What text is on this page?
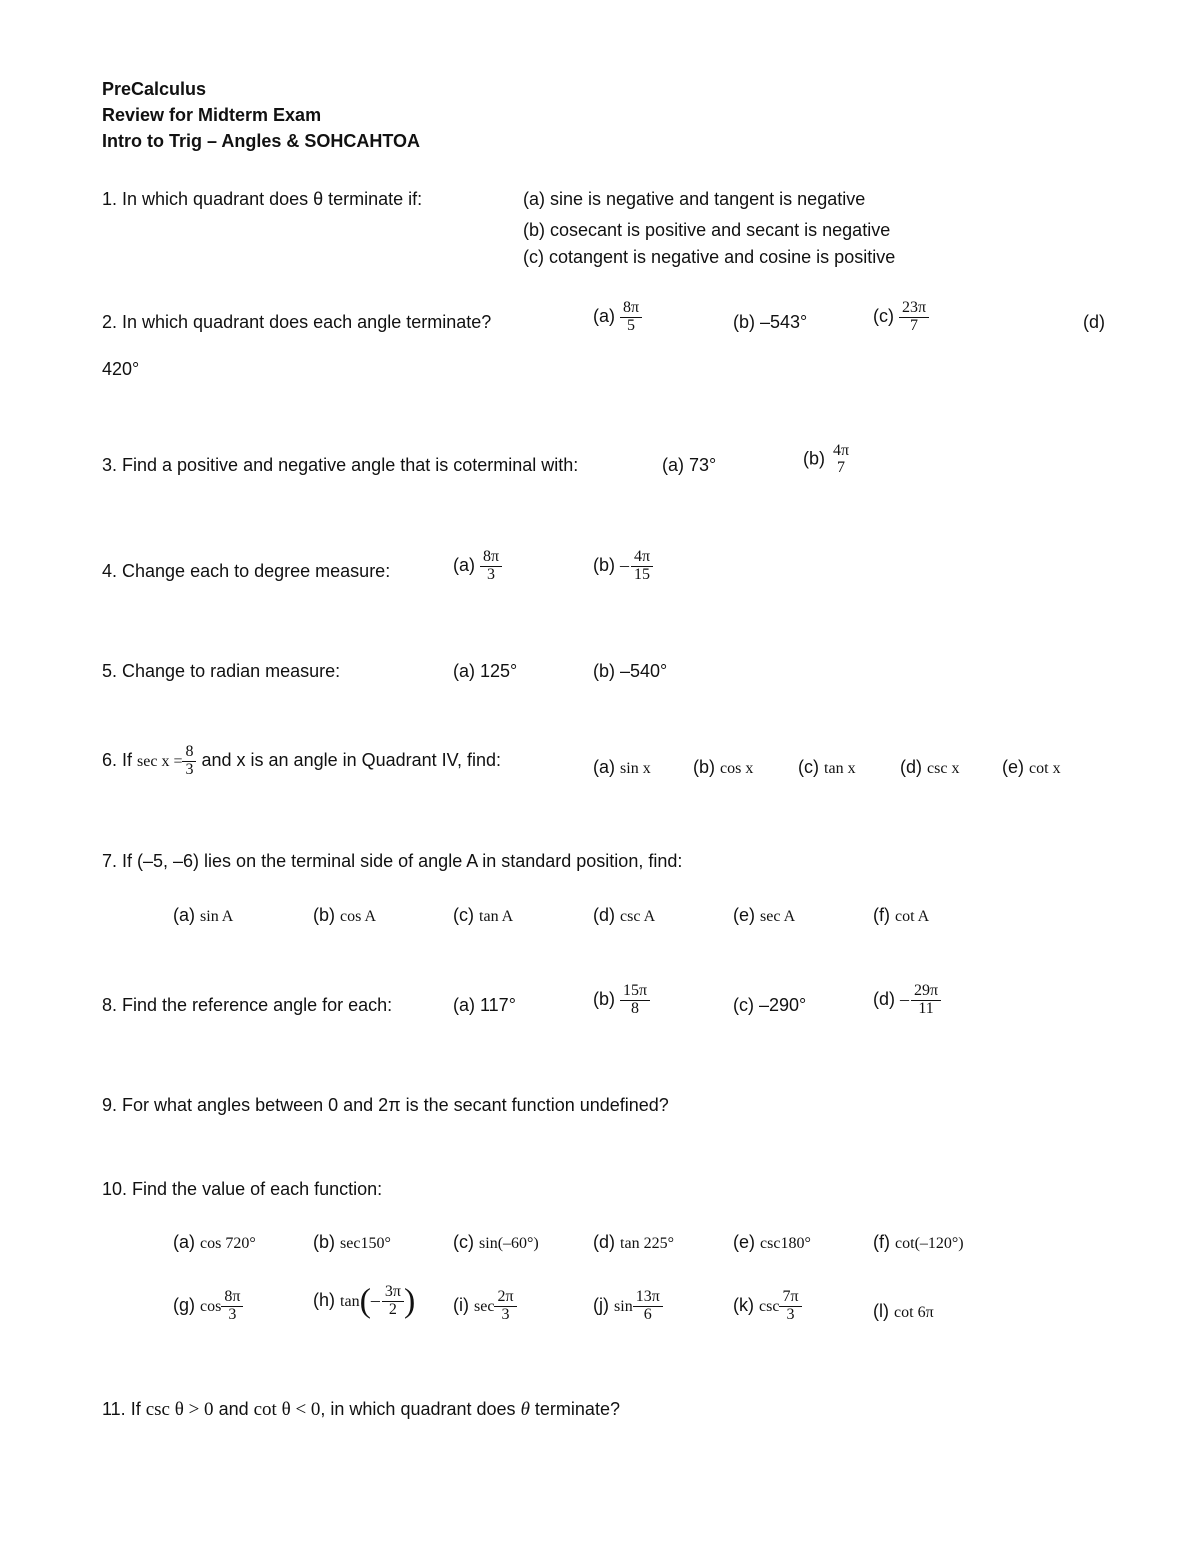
PreCalculus
Review for Midterm Exam
Intro to Trig – Angles & SOHCAHTOA
1. In which quadrant does θ terminate if:	(a) sine is negative and tangent is negative
(b) cosecant is positive and secant is negative
(c) cotangent is negative and cosine is positive
2. In which quadrant does each angle terminate?	$(a) \frac{8\pi}{5}$	(b) –543°	$(c) \frac{23\pi}{7}$	(d)
420°
3. Find a positive and negative angle that is coterminal with:	(a) 73°	(b) 4π
7
4. Change each to degree measure:	$(a) \frac{8\pi}{3}$	$(b) - \frac{4\pi}{15}$
5. Change to radian measure:	(a) 125°	(b) –540°
6. If $\sec x = \frac{8}{3}$ and x is an angle in Quadrant IV, find:	(a) sin x (b) cos x (c) tan x (d) csc x (e) cot x
7. If (–5, –6) lies on the terminal side of angle A in standard position, find:
(a) sin A	(b) cos A	(c) tan A	(d) csc A	(e) sec A	(f) cot A
8. Find the reference angle for each:	(a) 117°	$(b) \frac{15\pi}{8}$	(c) –290°	$(d) - \frac{29\pi}{11}$
9. For what angles between 0 and 2π is the secant function undefined?
10. Find the value of each function:
(a) cos 720°	(b) sec150°	(c) sin(–60°)	(d) tan 225°	(e) csc180°	(f) cot(–120°)
(g) $\cos \frac{8\pi}{3}$	(h) $\tan(- \frac{3\pi}{2}$ ) (i) $\sec \frac{2\pi}{3}$	(j) $\sin \frac{13\pi}{6}$	(k) $\csc \frac{7\pi}{3}$	(l) cot 6π
11. If csc θ > 0 and cot θ < 0, in which quadrant does θ terminate?
